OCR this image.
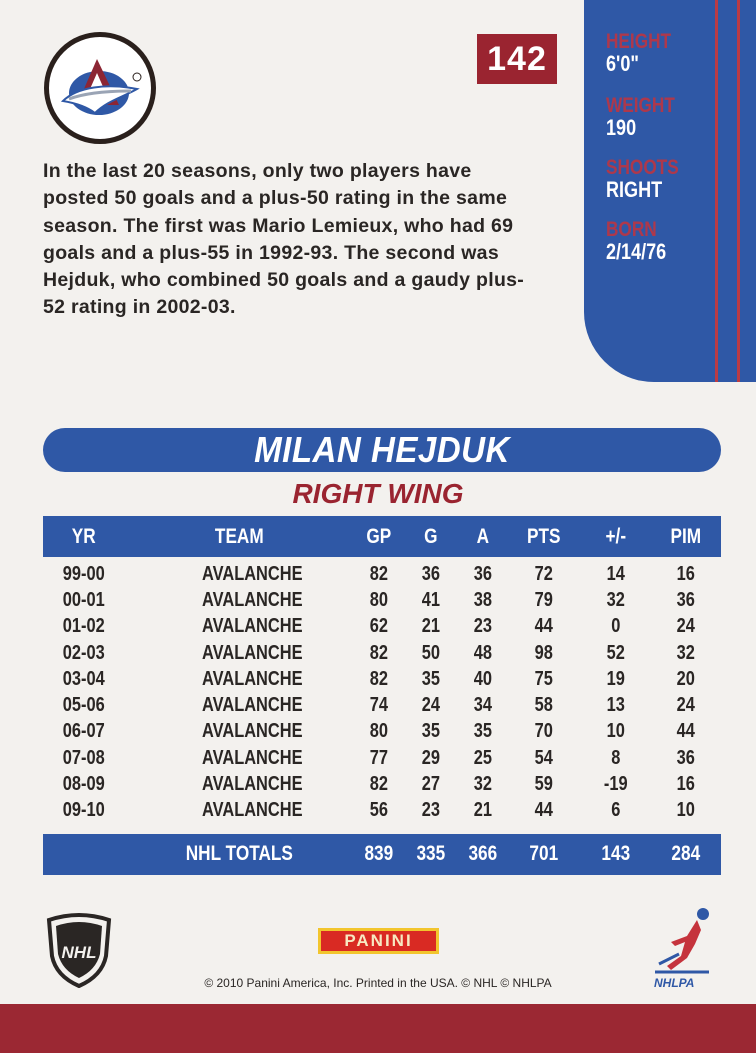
HEIGHT
6'0"
WEIGHT
190
SHOOTS
RIGHT
BORN
2/14/76
142
In the last 20 seasons, only two players have posted 50 goals and a plus-50 rating in the same season. The first was Mario Lemieux, who had 69 goals and a plus-55 in 1992-93. The second was Hejduk, who combined 50 goals and a gaudy plus-52 rating in 2002-03.
MILAN HEJDUK
RIGHT WING
YR	TEAM	GP	G	A	PTS	+/-	PIM
99-00	AVALANCHE	82	36	36	72	14	16
00-01	AVALANCHE	80	41	38	79	32	36
01-02	AVALANCHE	62	21	23	44	0	24
02-03	AVALANCHE	82	50	48	98	52	32
03-04	AVALANCHE	82	35	40	75	19	20
05-06	AVALANCHE	74	24	34	58	13	24
06-07	AVALANCHE	80	35	35	70	10	44
07-08	AVALANCHE	77	29	25	54	8	36
08-09	AVALANCHE	82	27	32	59	-19	16
09-10	AVALANCHE	56	23	21	44	6	10
NHL TOTALS	839	335	366	701	143	284
NHL
PANINI
NHLPA
© 2010 Panini America, Inc. Printed in the USA. © NHL © NHLPA
